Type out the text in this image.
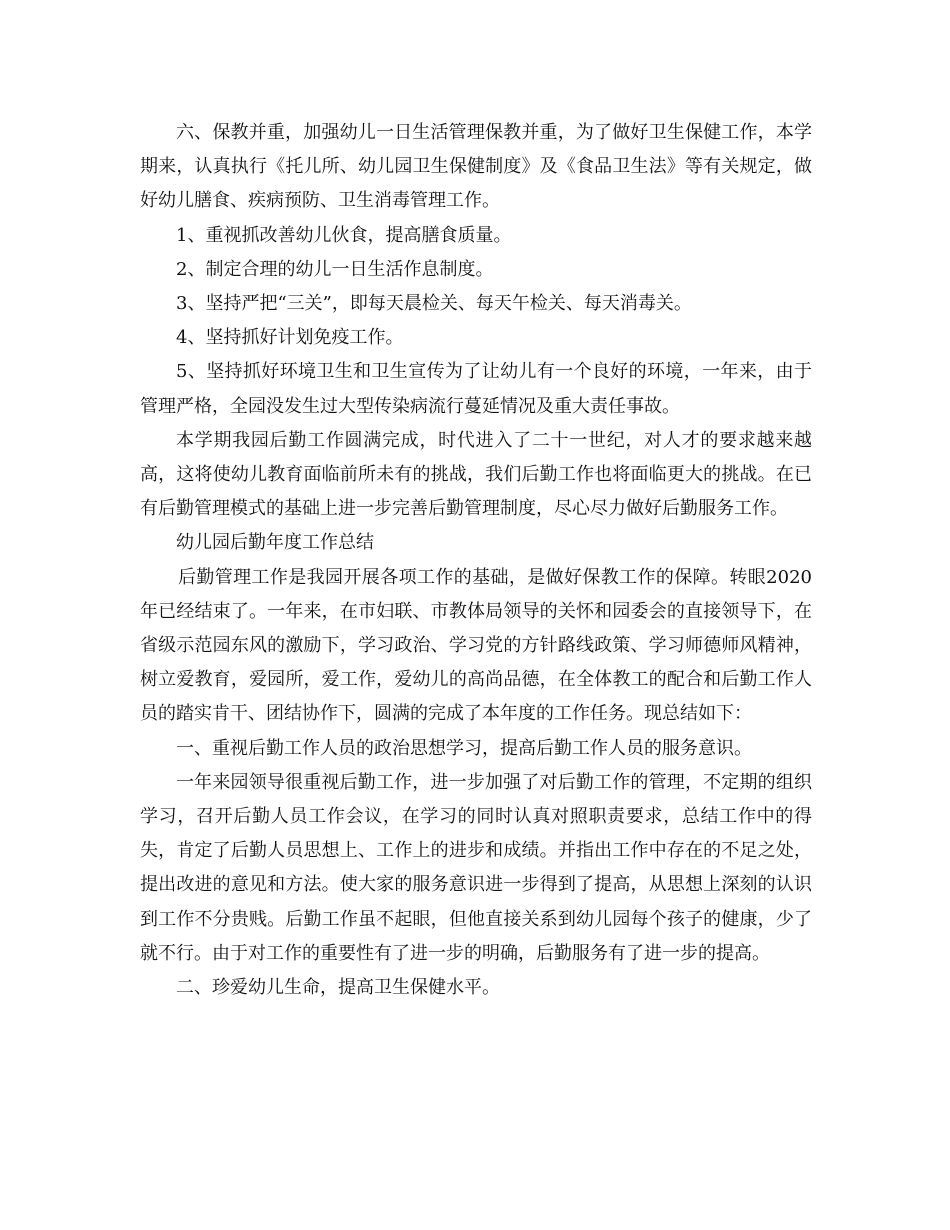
六、保教并重，加强幼儿一日生活管理保教并重，为了做好卫生保健工作，本学期来，认真执行《托儿所、幼儿园卫生保健制度》及《食品卫生法》等有关规定，做好幼儿膳食、疾病预防、卫生消毒管理工作。

1、重视抓改善幼儿伙食，提高膳食质量。

2、制定合理的幼儿一日生活作息制度。

3、坚持严把“三关”，即每天晨检关、每天午检关、每天消毒关。

4、坚持抓好计划免疫工作。

5、坚持抓好环境卫生和卫生宣传为了让幼儿有一个良好的环境，一年来，由于管理严格，全园没发生过大型传染病流行蔓延情况及重大责任事故。

本学期我园后勤工作圆满完成，时代进入了二十一世纪，对人才的要求越来越高，这将使幼儿教育面临前所未有的挑战，我们后勤工作也将面临更大的挑战。在已有后勤管理模式的基础上进一步完善后勤管理制度，尽心尽力做好后勤服务工作。

幼儿园后勤年度工作总结

后勤管理工作是我园开展各项工作的基础，是做好保教工作的保障。转眼2020年已经结束了。一年来，在市妇联、市教体局领导的关怀和园委会的直接领导下，在省级示范园东风的激励下，学习政治、学习党的方针路线政策、学习师德师风精神，树立爱教育，爱园所，爱工作，爱幼儿的高尚品德，在全体教工的配合和后勤工作人员的踏实肯干、团结协作下，圆满的完成了本年度的工作任务。现总结如下：

一、重视后勤工作人员的政治思想学习，提高后勤工作人员的服务意识。

一年来园领导很重视后勤工作，进一步加强了对后勤工作的管理，不定期的组织学习，召开后勤人员工作会议，在学习的同时认真对照职责要求，总结工作中的得失，肯定了后勤人员思想上、工作上的进步和成绩。并指出工作中存在的不足之处，提出改进的意见和方法。使大家的服务意识进一步得到了提高，从思想上深刻的认识到工作不分贵贱。后勤工作虽不起眼，但他直接关系到幼儿园每个孩子的健康，少了就不行。由于对工作的重要性有了进一步的明确，后勤服务有了进一步的提高。

二、珍爱幼儿生命，提高卫生保健水平。
